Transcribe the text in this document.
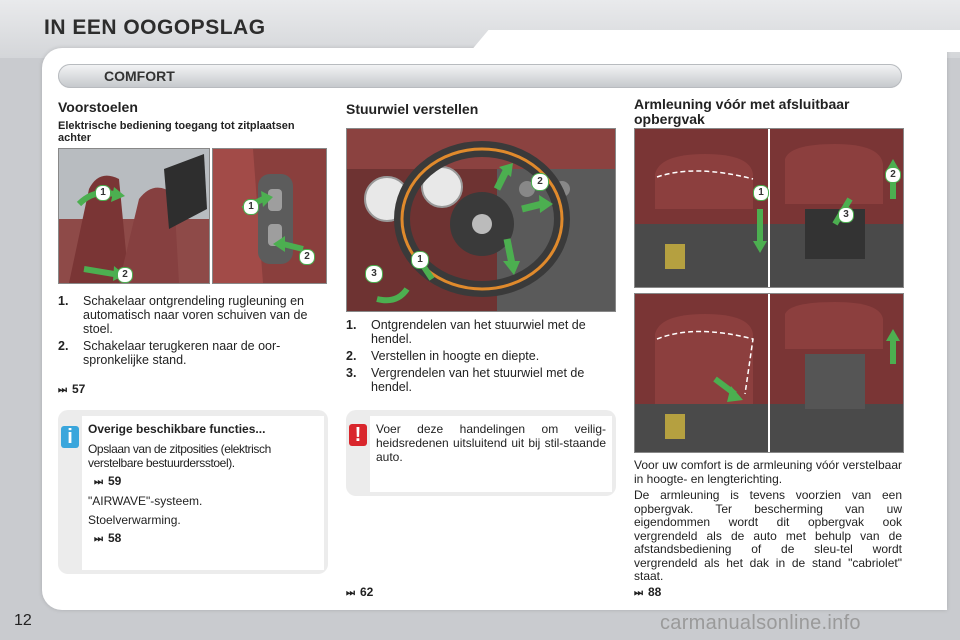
IN EEN OOGOPSLAG
COMFORT
Voorstoelen
Elektrische bediening toegang tot zitplaatsen achter
1
2
1
2
1.	Schakelaar ontgrendeling rugleuning en automatisch naar voren schuiven van de stoel.
2.	Schakelaar terugkeren naar de oor-spronkelijke stand.
⏭ 57
i	Overige beschikbare functies...
Opslaan van de zitposities (elektrisch verstelbare bestuurdersstoel).
⏭ 59
"AIRWAVE"-systeem.
Stoelverwarming.
⏭ 58
Stuurwiel verstellen
2
1
3
1.	Ontgrendelen van het stuurwiel met de hendel.
2.	Verstellen in hoogte en diepte.
3.	Vergrendelen van het stuurwiel met de hendel.
!	Voer deze handelingen om veilig-heidsredenen uitsluitend uit bij stil-staande auto.
⏭ 62
Armleuning vóór met afsluitbaar opbergvak
1
2
3
Voor uw comfort is de armleuning vóór verstelbaar in hoogte- en lengterichting.
De armleuning is tevens voorzien van een opbergvak. Ter bescherming van uw eigendommen wordt dit opbergvak ook vergrendeld als de auto met behulp van de afstandsbediening of de sleu-tel wordt vergrendeld als het dak in de stand "cabriolet" staat.
⏭ 88
12	carmanualsonline.info
